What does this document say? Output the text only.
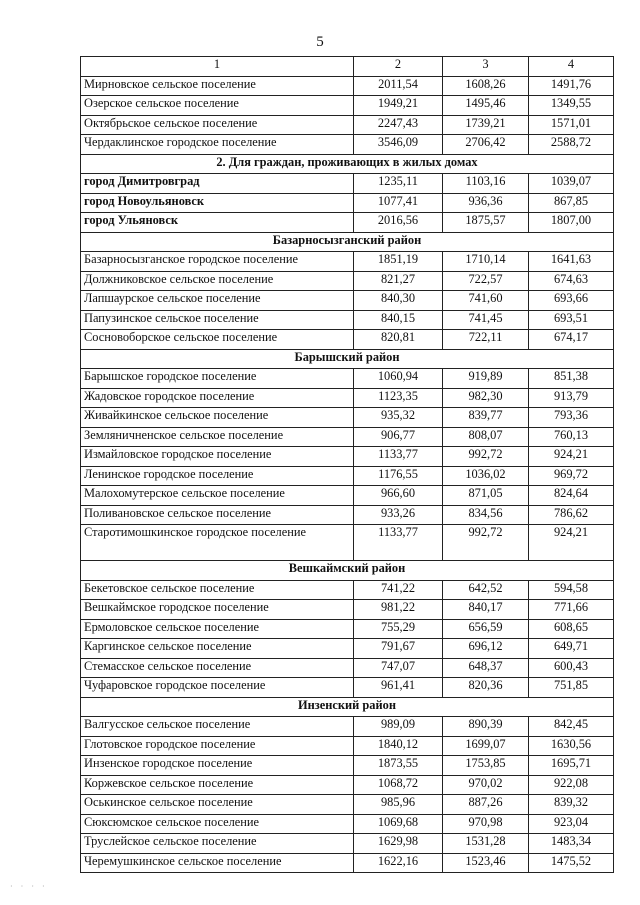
5
1	2	3	4
Мирновское сельское поселение	2011,54	1608,26	1491,76
Озерское сельское поселение	1949,21	1495,46	1349,55
Октябрьское сельское поселение	2247,43	1739,21	1571,01
Чердаклинское городское поселение	3546,09	2706,42	2588,72
2. Для граждан, проживающих в жилых домах			
город Димитровград	1235,11	1103,16	1039,07
город Новоульяновск	1077,41	936,36	867,85
город Ульяновск	2016,56	1875,57	1807,00
Базарносызганский район			
Базарносызганское городское поселение	1851,19	1710,14	1641,63
Должниковское сельское поселение	821,27	722,57	674,63
Лапшаурское сельское поселение	840,30	741,60	693,66
Папузинское сельское поселение	840,15	741,45	693,51
Сосновоборское сельское поселение	820,81	722,11	674,17
Барышский район			
Барышское городское поселение	1060,94	919,89	851,38
Жадовское городское поселение	1123,35	982,30	913,79
Живайкинское сельское поселение	935,32	839,77	793,36
Земляничненское сельское поселение	906,77	808,07	760,13
Измайловское городское поселение	1133,77	992,72	924,21
Ленинское городское поселение	1176,55	1036,02	969,72
Малохомутерское сельское поселение	966,60	871,05	824,64
Поливановское сельское поселение	933,26	834,56	786,62
Старотимошкинское городское поселение	1133,77	992,72	924,21
Вешкаймский район			
Бекетовское сельское поселение	741,22	642,52	594,58
Вешкаймское городское поселение	981,22	840,17	771,66
Ермоловское сельское поселение	755,29	656,59	608,65
Каргинское сельское поселение	791,67	696,12	649,71
Стемасское сельское поселение	747,07	648,37	600,43
Чуфаровское городское поселение	961,41	820,36	751,85
Инзенский район			
Валгусское сельское поселение	989,09	890,39	842,45
Глотовское городское поселение	1840,12	1699,07	1630,56
Инзенское городское поселение	1873,55	1753,85	1695,71
Коржевское сельское поселение	1068,72	970,02	922,08
Оськинское сельское поселение	985,96	887,26	839,32
Сюксюмское сельское поселение	1069,68	970,98	923,04
Труслейское сельское поселение	1629,98	1531,28	1483,34
Черемушкинское сельское поселение	1622,16	1523,46	1475,52
· · · ·
